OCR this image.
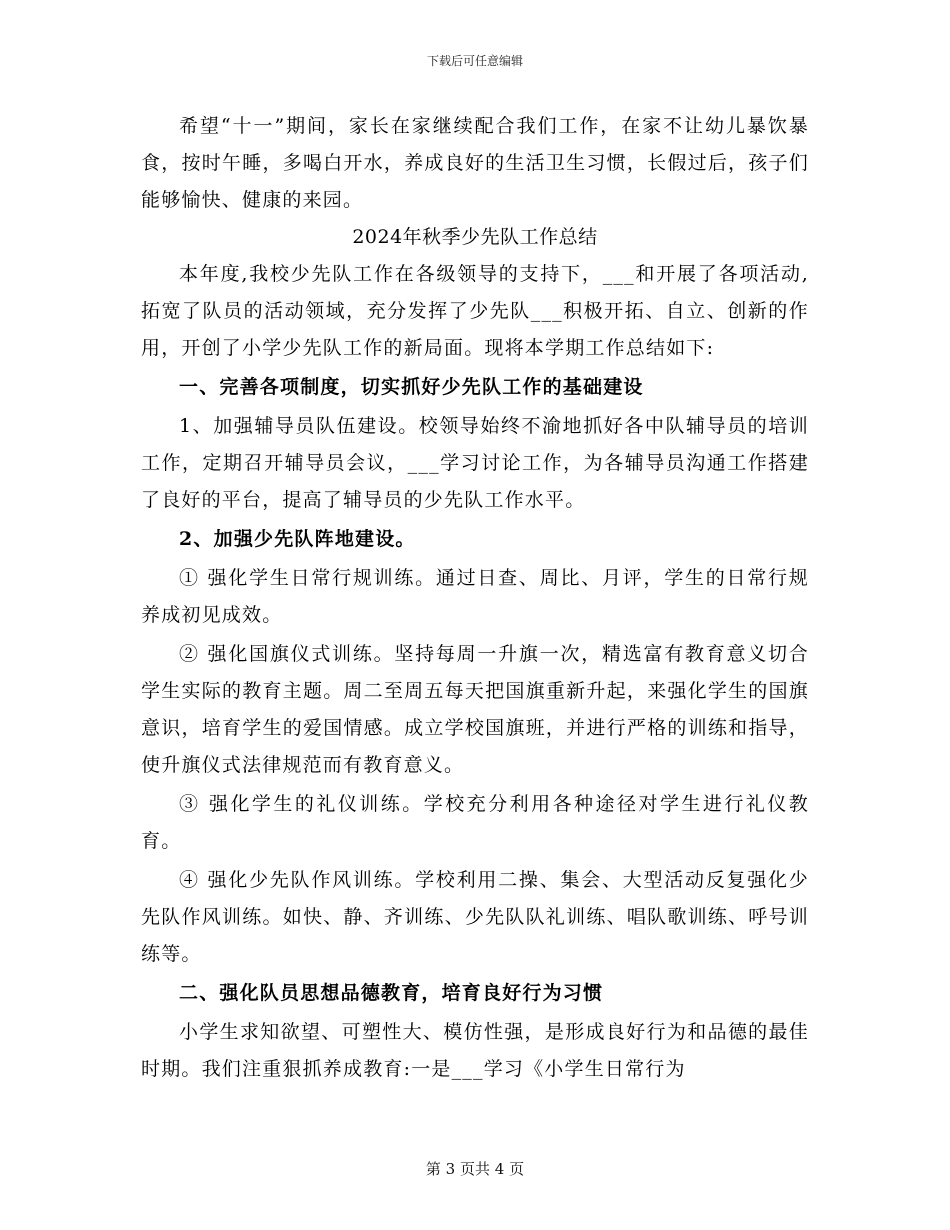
下载后可任意编辑

希望“十一”期间，家长在家继续配合我们工作，在家不让幼儿暴饮暴食，按时午睡，多喝白开水，养成良好的生活卫生习惯，长假过后，孩子们能够愉快、健康的来园。

2024年秋季少先队工作总结

本年度,我校少先队工作在各级领导的支持下，___和开展了各项活动,拓宽了队员的活动领域，充分发挥了少先队___积极开拓、自立、创新的作用，开创了小学少先队工作的新局面。现将本学期工作总结如下:

一、完善各项制度，切实抓好少先队工作的基础建设

1、加强辅导员队伍建设。校领导始终不渝地抓好各中队辅导员的培训工作，定期召开辅导员会议，___学习讨论工作，为各辅导员沟通工作搭建了良好的平台，提高了辅导员的少先队工作水平。

2、加强少先队阵地建设。

① 强化学生日常行规训练。通过日查、周比、月评，学生的日常行规养成初见成效。

② 强化国旗仪式训练。坚持每周一升旗一次，精选富有教育意义切合学生实际的教育主题。周二至周五每天把国旗重新升起，来强化学生的国旗意识，培育学生的爱国情感。成立学校国旗班，并进行严格的训练和指导，使升旗仪式法律规范而有教育意义。

③ 强化学生的礼仪训练。学校充分利用各种途径对学生进行礼仪教育。

④ 强化少先队作风训练。学校利用二操、集会、大型活动反复强化少先队作风训练。如快、静、齐训练、少先队队礼训练、唱队歌训练、呼号训练等。

二、强化队员思想品德教育，培育良好行为习惯

小学生求知欲望、可塑性大、模仿性强，是形成良好行为和品德的最佳时期。我们注重狠抓养成教育:一是___学习《小学生日常行为

第 3 页共 4 页
